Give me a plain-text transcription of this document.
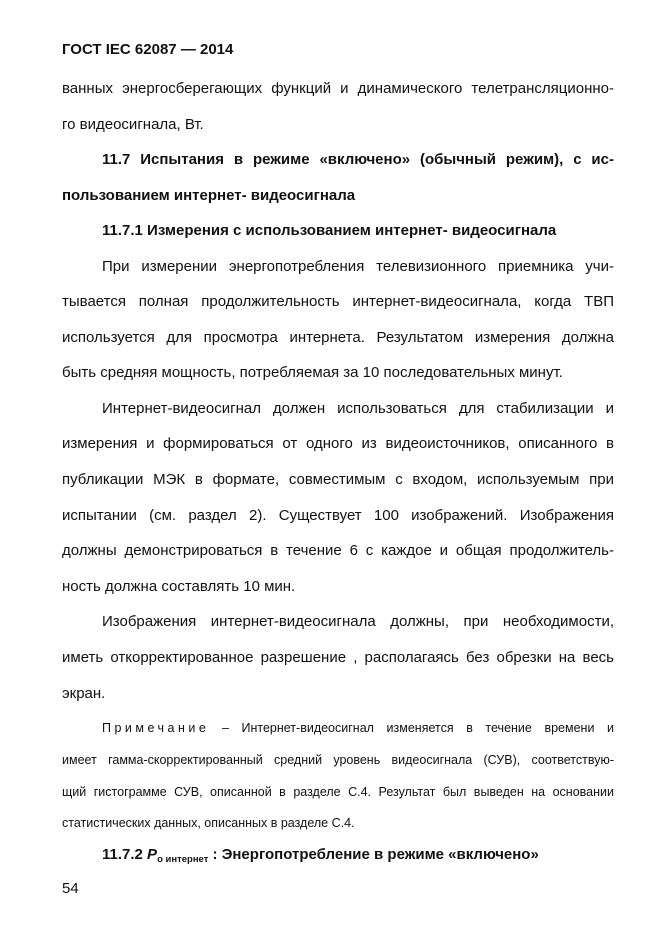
ГОСТ IEC 62087 — 2014
ванных энергосберегающих функций и динамического телетрансляционно-
го видеосигнала, Вт.
11.7 Испытания в режиме «включено» (обычный режим), с ис-
пользованием интернет- видеосигнала
11.7.1 Измерения с использованием интернет- видеосигнала
При измерении энергопотребления телевизионного приемника учи-
тывается полная продолжительность интернет-видеосигнала, когда ТВП
используется для просмотра интернета. Результатом измерения должна
быть средняя мощность, потребляемая за 10 последовательных минут.
Интернет-видеосигнал должен использоваться для стабилизации и
измерения и формироваться от одного из видеоисточников, описанного в
публикации МЭК в формате, совместимым с входом, используемым при
испытании (см. раздел 2). Существует 100 изображений. Изображения
должны демонстрироваться в течение 6 с каждое и общая продолжитель-
ность должна составлять 10 мин.
Изображения интернет-видеосигнала должны, при необходимости,
иметь откорректированное разрешение , располагаясь без обрезки на весь
экран.
Примечание – Интернет-видеосигнал изменяется в течение времени и
имеет гамма-скорректированный средний уровень видеосигнала (СУВ), соответствую-
щий гистограмме СУВ, описанной в разделе С.4. Результат был выведен на основании
статистических данных, описанных в разделе С.4.
11.7.2 $P_{о интернет}$ : Энергопотребление в режиме «включено»
54
